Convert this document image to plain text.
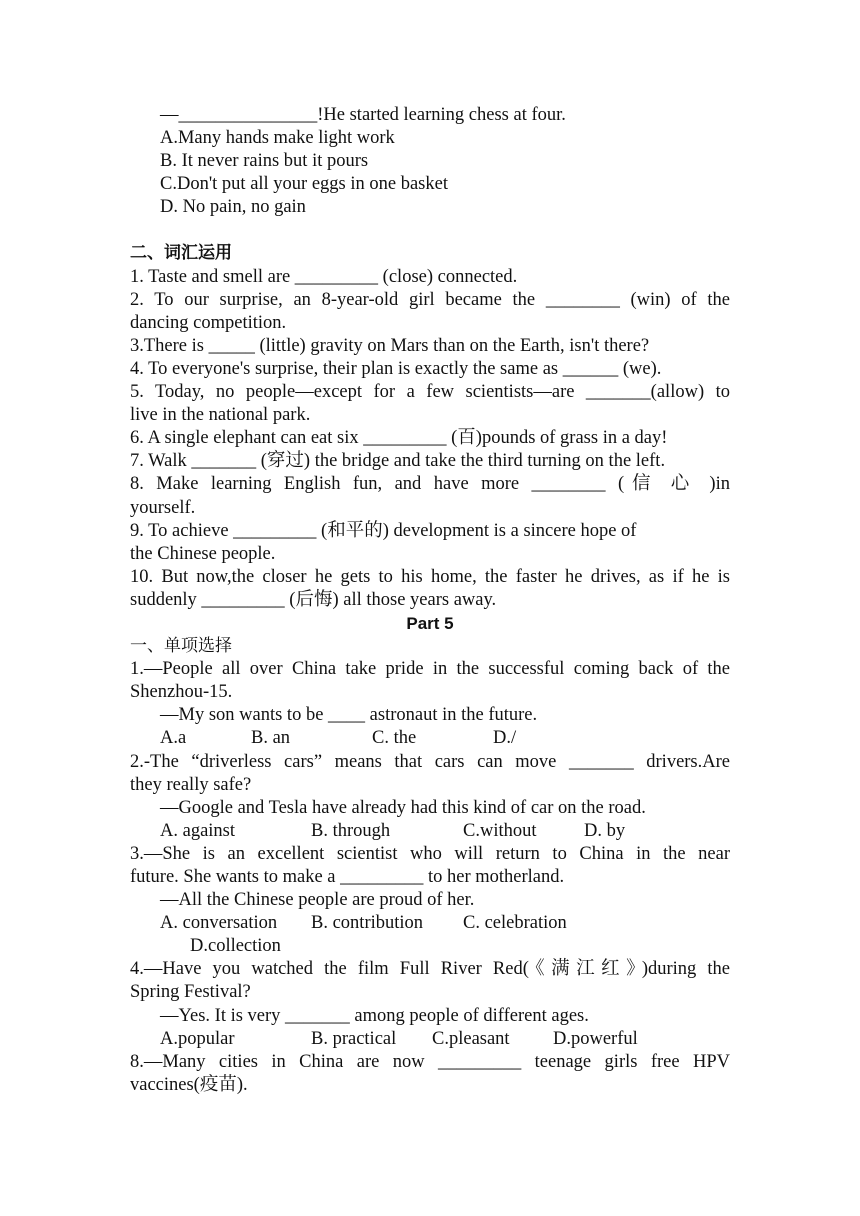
—_______________!He started learning chess at four.
A.Many hands make light work
B. It never rains but it pours
C.Don't put all your eggs in one basket
D. No pain, no gain
二、词汇运用
1. Taste and smell are _________ (close) connected.
2. To our surprise, an 8-year-old girl became the ________ (win) of the
dancing competition.
3.There is _____ (little) gravity on Mars than on the Earth, isn't there?
4. To everyone's surprise, their plan is exactly the same as ______ (we).
5. Today, no people—except for a few scientists—are _______(allow) to
live in the national park.
6. A single elephant can eat six _________ (百)pounds of grass in a day!
7. Walk _______ (穿过) the bridge and take the third turning on the left.
8. Make learning English fun, and have more ________ (信 心 )in
yourself.
9. To achieve _________ (和平的) development is a sincere hope of
the Chinese people.
10. But now,the closer he gets to his home, the faster he drives, as if he is
suddenly _________ (后悔) all those years away.
Part 5
一、单项选择
1.—People all over China take pride in the successful coming back of the
Shenzhou-15.
—My son wants to be ____ astronaut in the future.
A.a	B. an	C. the	D./
2.-The “driverless cars” means that cars can move _______ drivers.Are
they really safe?
—Google and Tesla have already had this kind of car on the road.
A. against	B. through	C.without	D. by
3.—She is an excellent scientist who will return to China in the near
future. She wants to make a _________ to her motherland.
—All the Chinese people are proud of her.
A. conversation	B. contribution	C. celebration
D.collection
4.—Have you watched the film Full River Red(《满江红》)during the
Spring Festival?
—Yes. It is very _______ among people of different ages.
A.popular	B. practical	C.pleasant	D.powerful
8.—Many cities in China are now _________ teenage girls free HPV
vaccines(疫苗).
